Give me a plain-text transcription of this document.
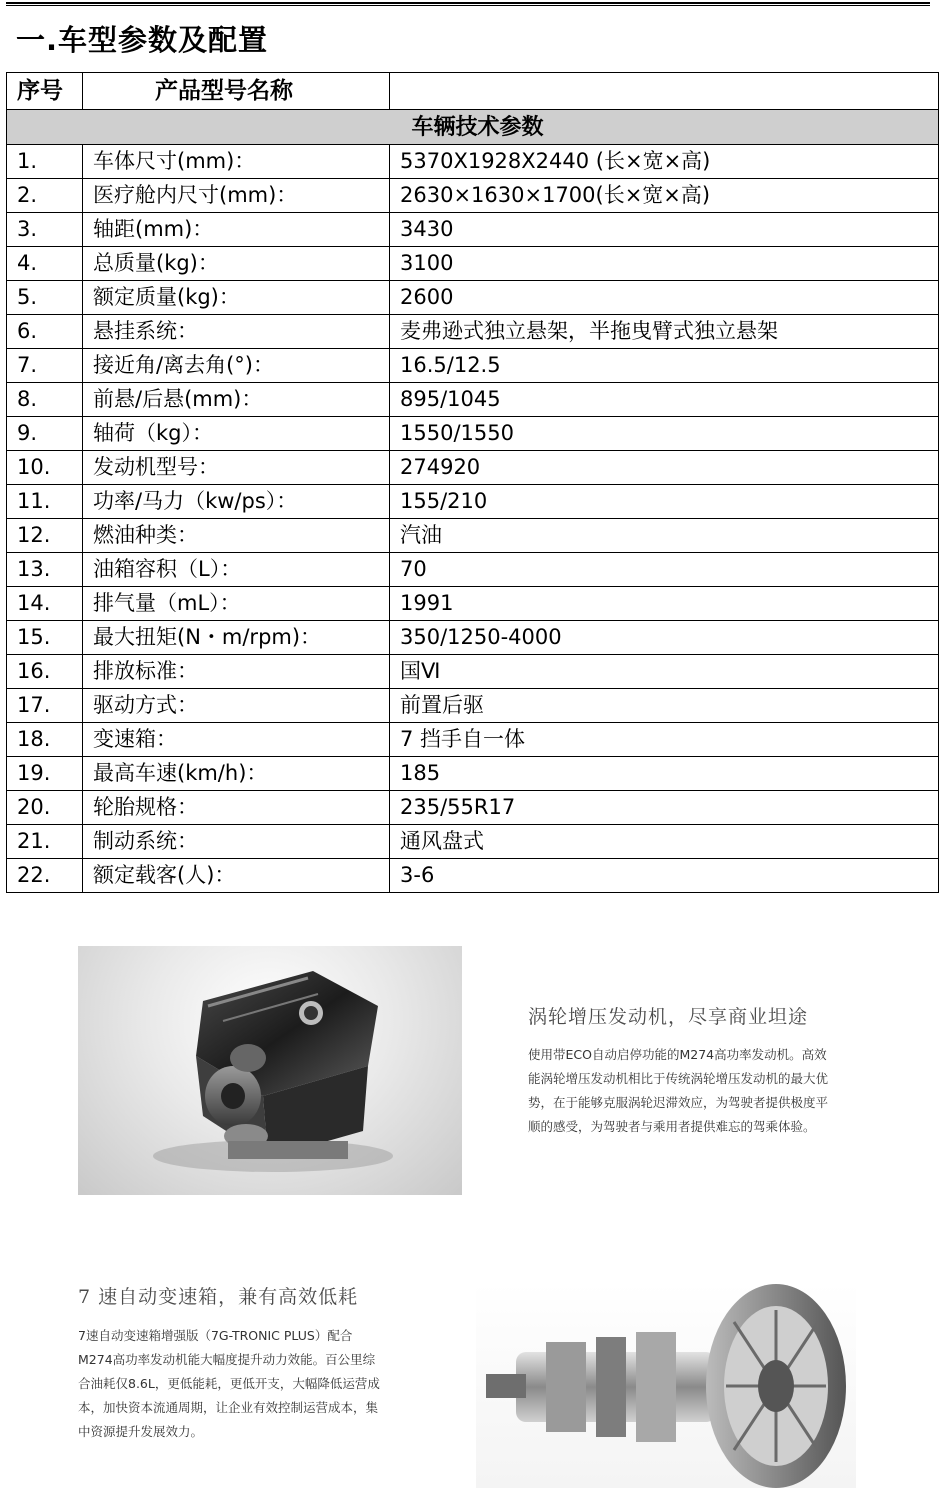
一.车型参数及配置
序号	产品型号名称	
车辆技术参数		
1.	车体尺寸(mm)：	5370X1928X2440 (长×宽×高)
2.	医疗舱内尺寸(mm)：	2630×1630×1700(长×宽×高)
3.	轴距(mm)：	3430
4.	总质量(kg)：	3100
5.	额定质量(kg)：	2600
6.	悬挂系统：	麦弗逊式独立悬架，半拖曳臂式独立悬架
7.	接近角/离去角(°)：	16.5/12.5
8.	前悬/后悬(mm)：	895/1045
9.	轴荷（kg）：	1550/1550
10.	发动机型号：	274920
11.	功率/马力（kw/ps）：	155/210
12.	燃油种类：	汽油
13.	油箱容积（L）：	70
14.	排气量（mL）：	1991
15.	最大扭矩(N・m/rpm)：	350/1250-4000
16.	排放标准：	国Ⅵ
17.	驱动方式：	前置后驱
18.	变速箱：	7 挡手自一体
19.	最高车速(km/h)：	185
20.	轮胎规格：	235/55R17
21.	制动系统：	通风盘式
22.	额定载客(人)：	3-6
涡轮增压发动机，尽享商业坦途
使用带ECO自动启停功能的M274高功率发动机。高效
能涡轮增压发动机相比于传统涡轮增压发动机的最大优
势，在于能够克服涡轮迟滞效应，为驾驶者提供极度平
顺的感受，为驾驶者与乘用者提供难忘的驾乘体验。
7 速自动变速箱，兼有高效低耗
7速自动变速箱增强版（7G-TRONIC PLUS）配合
M274高功率发动机能大幅度提升动力效能。百公里综
合油耗仅8.6L，更低能耗，更低开支，大幅降低运营成
本，加快资本流通周期，让企业有效控制运营成本，集
中资源提升发展效力。
